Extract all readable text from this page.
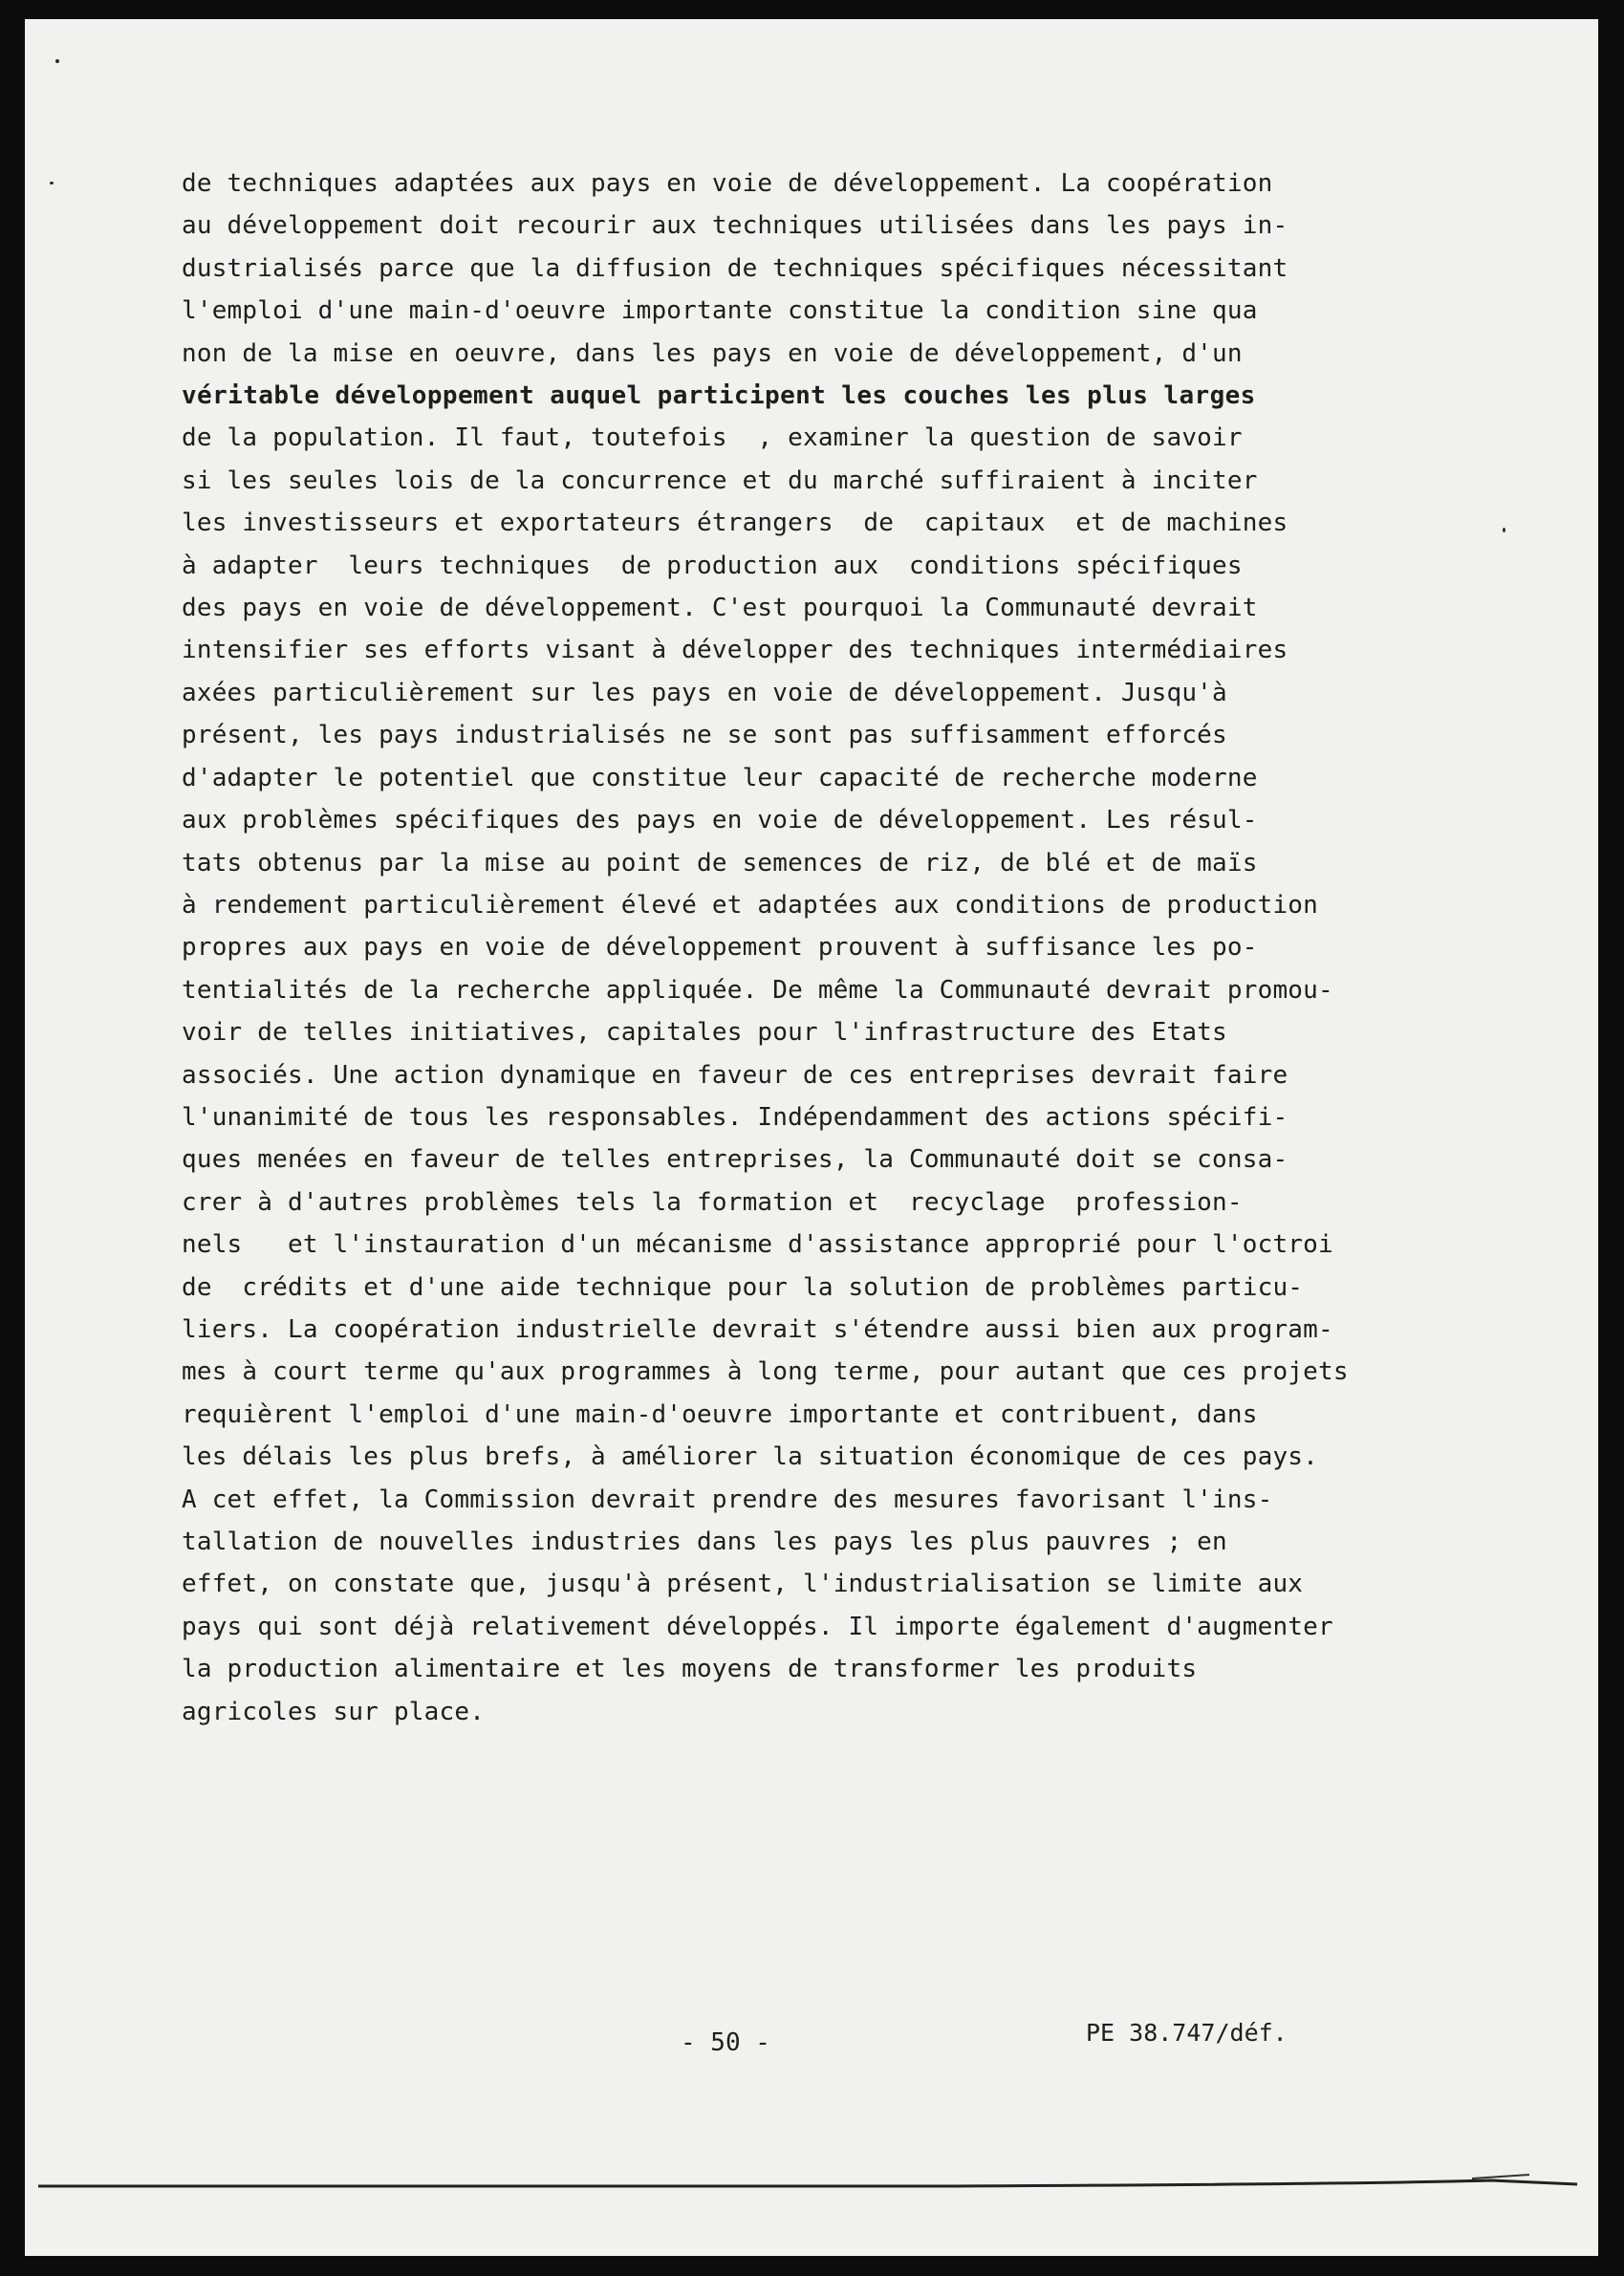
de techniques adaptées aux pays en voie de développement. La coopération
au développement doit recourir aux techniques utilisées dans les pays in-
dustrialisés parce que la diffusion de techniques spécifiques nécessitant
l'emploi d'une main-d'oeuvre importante constitue la condition sine qua
non de la mise en oeuvre, dans les pays en voie de développement, d'un
véritable développement auquel participent les couches les plus larges
de la population. Il faut, toutefois  , examiner la question de savoir
si les seules lois de la concurrence et du marché suffiraient à inciter
les investisseurs et exportateurs étrangers  de  capitaux  et de machines
à adapter  leurs techniques  de production aux  conditions spécifiques
des pays en voie de développement. C'est pourquoi la Communauté devrait
intensifier ses efforts visant à développer des techniques intermédiaires
axées particulièrement sur les pays en voie de développement. Jusqu'à
présent, les pays industrialisés ne se sont pas suffisamment efforcés
d'adapter le potentiel que constitue leur capacité de recherche moderne
aux problèmes spécifiques des pays en voie de développement. Les résul-
tats obtenus par la mise au point de semences de riz, de blé et de maïs
à rendement particulièrement élevé et adaptées aux conditions de production
propres aux pays en voie de développement prouvent à suffisance les po-
tentialités de la recherche appliquée. De même la Communauté devrait promou-
voir de telles initiatives, capitales pour l'infrastructure des Etats
associés. Une action dynamique en faveur de ces entreprises devrait faire
l'unanimité de tous les responsables. Indépendamment des actions spécifi-
ques menées en faveur de telles entreprises, la Communauté doit se consa-
crer à d'autres problèmes tels la formation et  recyclage  profession-
nels   et l'instauration d'un mécanisme d'assistance approprié pour l'octroi
de  crédits et d'une aide technique pour la solution de problèmes particu-
liers. La coopération industrielle devrait s'étendre aussi bien aux program-
mes à court terme qu'aux programmes à long terme, pour autant que ces projets
requièrent l'emploi d'une main-d'oeuvre importante et contribuent, dans
les délais les plus brefs, à améliorer la situation économique de ces pays.
A cet effet, la Commission devrait prendre des mesures favorisant l'ins-
tallation de nouvelles industries dans les pays les plus pauvres ; en
effet, on constate que, jusqu'à présent, l'industrialisation se limite aux
pays qui sont déjà relativement développés. Il importe également d'augmenter
la production alimentaire et les moyens de transformer les produits
agricoles sur place.
- 50 -	PE 38.747/déf.
